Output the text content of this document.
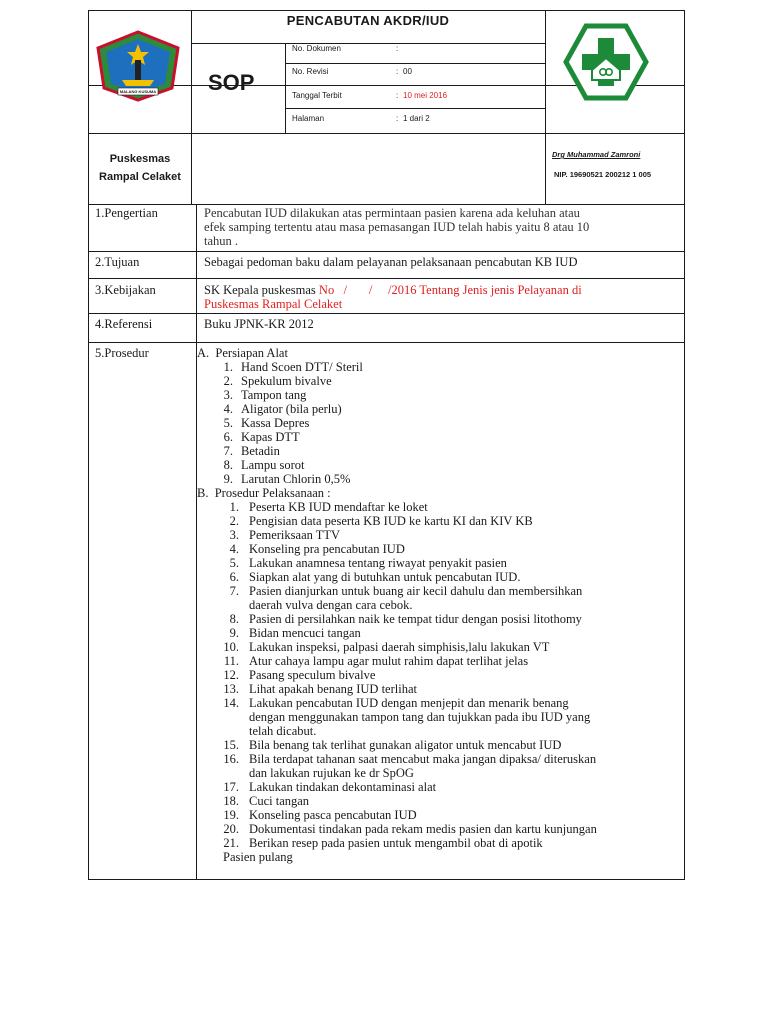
MALANG KUSUMA
PENCABUTAN AKDR/IUD
SOP
No. Dokumen	:
No. Revisi	: 00
Tanggal Terbit	: 10 mei 2016
Halaman	: 1 dari 2
Puskesmas Rampal Celaket
Drg Muhammad Zamroni
NIP. 19690521 200212 1 005
1.Pengertian	Pencabutan IUD dilakukan atas permintaan pasien karena ada keluhan atau
efek samping tertentu atau masa pemasangan IUD telah habis yaitu 8 atau 10
tahun .
2.Tujuan	Sebagai pedoman baku dalam pelayanan pelaksanaan pencabutan KB IUD
3.Kebijakan	SK Kepala puskesmas No   /       /     /2016 Tentang Jenis jenis Pelayanan di
Puskesmas Rampal Celaket
4.Referensi	Buku JPNK-KR 2012
5.Prosedur	A.  Persiapan Alat
1. Hand Scoen DTT/ Steril
2. Spekulum bivalve
3. Tampon tang
4. Aligator (bila perlu)
5. Kassa Depres
6. Kapas DTT
7. Betadin
8. Lampu sorot
9. Larutan Chlorin 0,5%
B.  Prosedur Pelaksanaan :
1. Peserta KB IUD mendaftar ke loket
2. Pengisian data peserta KB IUD ke kartu KI dan KIV KB
3. Pemeriksaan TTV
4. Konseling pra pencabutan IUD
5. Lakukan anamnesa tentang riwayat penyakit pasien
6. Siapkan alat yang di butuhkan untuk pencabutan IUD.
7. Pasien dianjurkan untuk buang air kecil dahulu dan membersihkan
daerah vulva dengan cara cebok.
8. Pasien di persilahkan naik ke tempat tidur dengan posisi litothomy
9. Bidan mencuci tangan
10. Lakukan inspeksi, palpasi daerah simphisis,lalu lakukan VT
11. Atur cahaya lampu agar mulut rahim dapat terlihat jelas
12. Pasang speculum bivalve
13. Lihat apakah benang IUD terlihat
14. Lakukan pencabutan IUD dengan menjepit dan menarik benang
dengan menggunakan tampon tang dan tujukkan pada ibu IUD yang
telah dicabut.
15. Bila benang tak terlihat gunakan aligator untuk mencabut IUD
16. Bila terdapat tahanan saat mencabut maka jangan dipaksa/ diteruskan
dan lakukan rujukan ke dr SpOG
17. Lakukan tindakan dekontaminasi alat
18. Cuci tangan
19. Konseling pasca pencabutan IUD
20. Dokumentasi tindakan pada rekam medis pasien dan kartu kunjungan
21. Berikan resep pada pasien untuk mengambil obat di apotik
Pasien pulang
